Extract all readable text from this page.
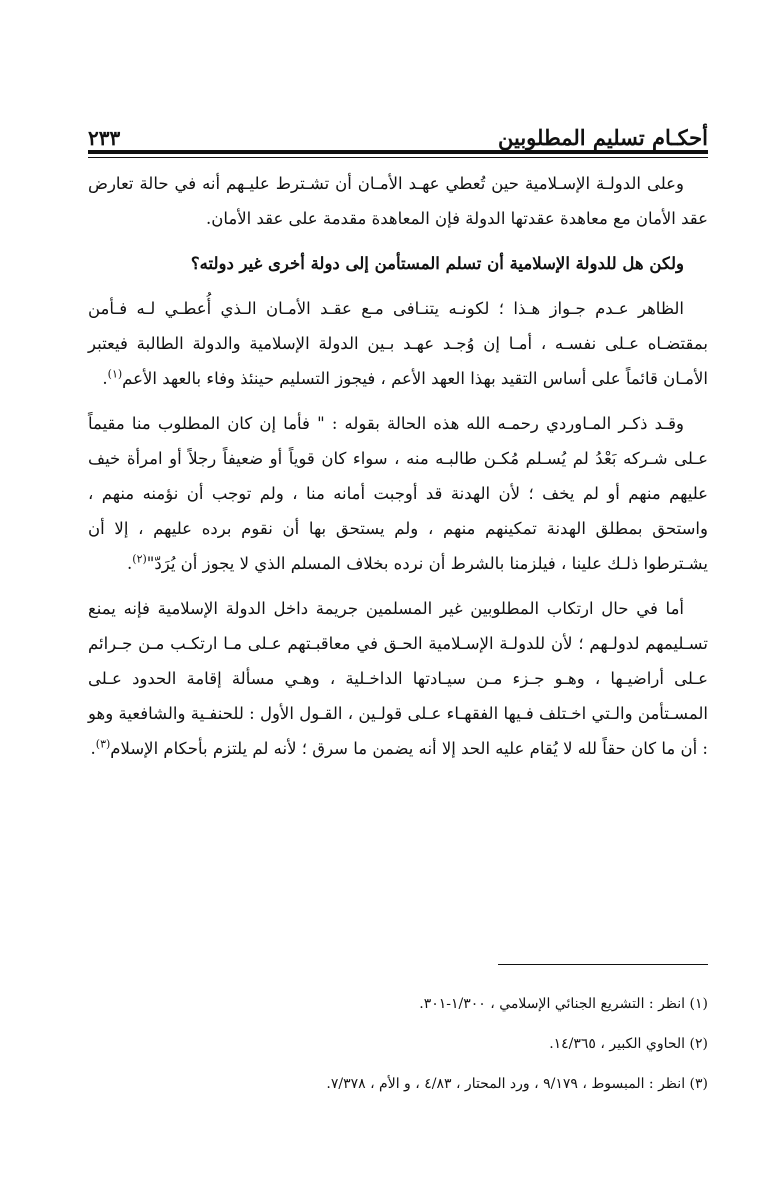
أحكـام تسليم المطلوبين
٢٣٣

وعلى الدولـة الإسـلامية حين تُعطي عهـد الأمـان أن تشـترط عليـهم أنه في حالة تعارض عقد الأمان مع معاهدة عقدتها الدولة فإن المعاهدة مقدمة على عقد الأمان.

ولكن هل للدولة الإسلامية أن تسلم المستأمن إلى دولة أخرى غير دولته؟

الظاهر عـدم جـواز هـذا ؛ لكونـه يتنـافى مـع عقـد الأمـان الـذي أُعطـي لـه فـأمن بمقتضـاه عـلى نفسـه ، أمـا إن وُجـد عهـد بـين الدولة الإسلامية والدولة الطالبة فيعتبر الأمـان قائماً على أساس التقيد بهذا العهد الأعم ، فيجوز التسليم حينئذ وفاء بالعهد الأعم$^{(١)}$.

وقـد ذكـر المـاوردي رحمـه الله هذه الحالة بقوله : " فأما إن كان المطلوب منا مقيماً عـلى شـركه بَعْدُ لم يُسـلم مُكـن طالبـه منه ، سواء كان قوياً أو ضعيفاً رجلاً أو امرأة خيف عليهم منهم أو لم يخف ؛ لأن الهدنة قد أوجبت أمانه منا ، ولم توجب أن نؤمنه منهم ، واستحق بمطلق الهدنة تمكينهم منهم ، ولم يستحق بها أن نقوم برده عليهم ، إلا أن يشـترطوا ذلـك علينا ، فيلزمنا بالشرط أن نرده بخلاف المسلم الذي لا يجوز أن يُرَدّ"$^{(٢)}$.

أما في حال ارتكاب المطلوبين غير المسلمين جريمة داخل الدولة الإسلامية فإنه يمنع تسـليمهم لدولـهم ؛ لأن للدولـة الإسـلامية الحـق في معاقبـتهم عـلى مـا ارتكـب مـن جـرائم عـلى أراضيـها ، وهـو جـزء مـن سيـادتها الداخـلية ، وهـي مسألة إقامة الحدود عـلى المسـتأمن والـتي اخـتلف فـيها الفقهـاء عـلى قولـين ، القـول الأول : للحنفـية والشافعية وهو : أن ما كان حقاً لله لا يُقام عليه الحد إلا أنه يضمن ما سرق ؛ لأنه لم يلتزم بأحكام الإسلام$^{(٣)}$.

(١) انظر : التشريع الجنائي الإسلامي ، ١/٣٠٠-٣٠١.

(٢) الحاوي الكبير ، ١٤/٣٦٥.

(٣) انظر : المبسوط ، ٩/١٧٩ ، ورد المحتار ، ٤/٨٣ ، و الأم ، ٧/٣٧٨.
